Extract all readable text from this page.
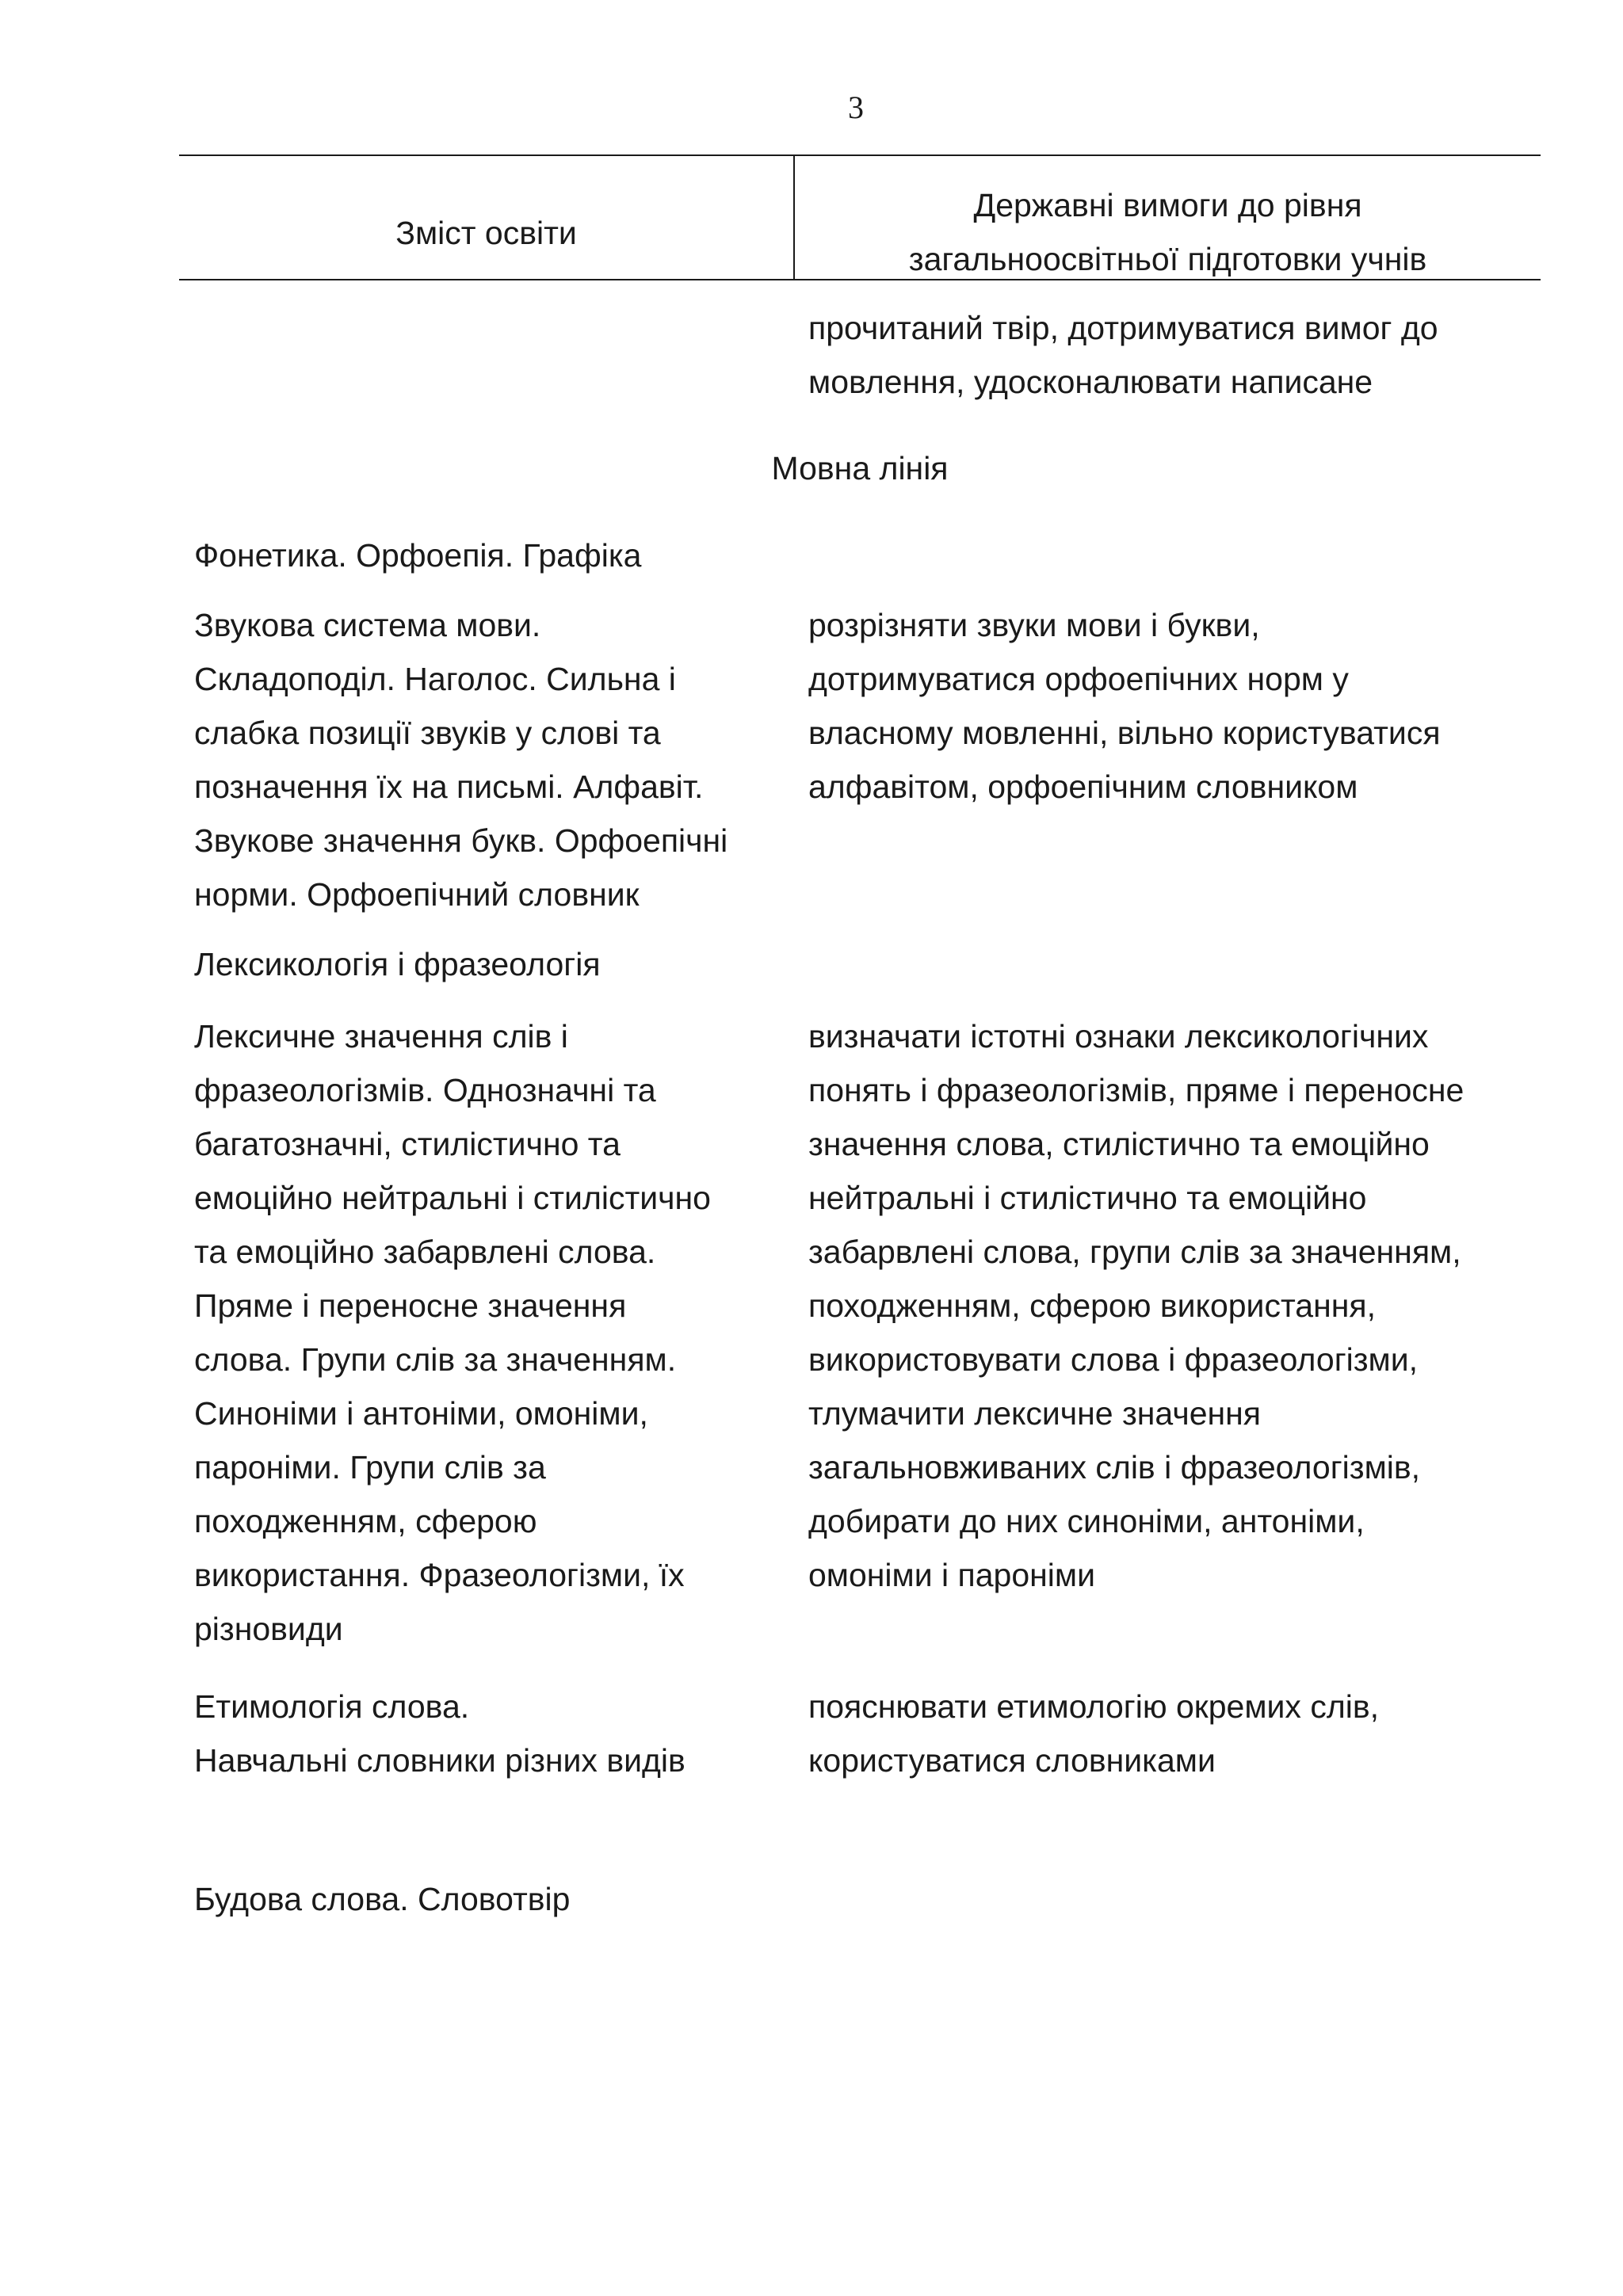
3
Зміст освіти
Державні вимоги до рівня
загальноосвітньої підготовки учнів
прочитаний твір, дотримуватися вимог до
мовлення, удосконалювати написане
Мовна лінія
Фонетика. Орфоепія. Графіка
Звукова система мови.
Складоподіл. Наголос. Сильна і
слабка позиції звуків у слові та
позначення їх на письмі. Алфавіт.
Звукове значення букв. Орфоепічні
норми. Орфоепічний словник
розрізняти звуки мови і букви,
дотримуватися орфоепічних норм у
власному мовленні, вільно користуватися
алфавітом, орфоепічним словником
Лексикологія і фразеологія
Лексичне значення слів і
фразеологізмів. Однозначні та
багатозначні, стилістично та
емоційно нейтральні і стилістично
та емоційно забарвлені слова.
Пряме і переносне значення
слова. Групи слів за значенням.
Синоніми і антоніми, омоніми,
пароніми. Групи слів за
походженням, сферою
використання. Фразеологізми, їх
різновиди
визначати істотні ознаки лексикологічних
понять і фразеологізмів, пряме і переносне
значення слова, стилістично та емоційно
нейтральні і стилістично та емоційно
забарвлені слова, групи слів за значенням,
походженням, сферою використання,
використовувати слова і фразеологізми,
тлумачити лексичне значення
загальновживаних слів і фразеологізмів,
добирати до них синоніми, антоніми,
омоніми і пароніми
Етимологія слова.
Навчальні словники різних видів
пояснювати етимологію окремих слів,
користуватися словниками
Будова слова. Словотвір
